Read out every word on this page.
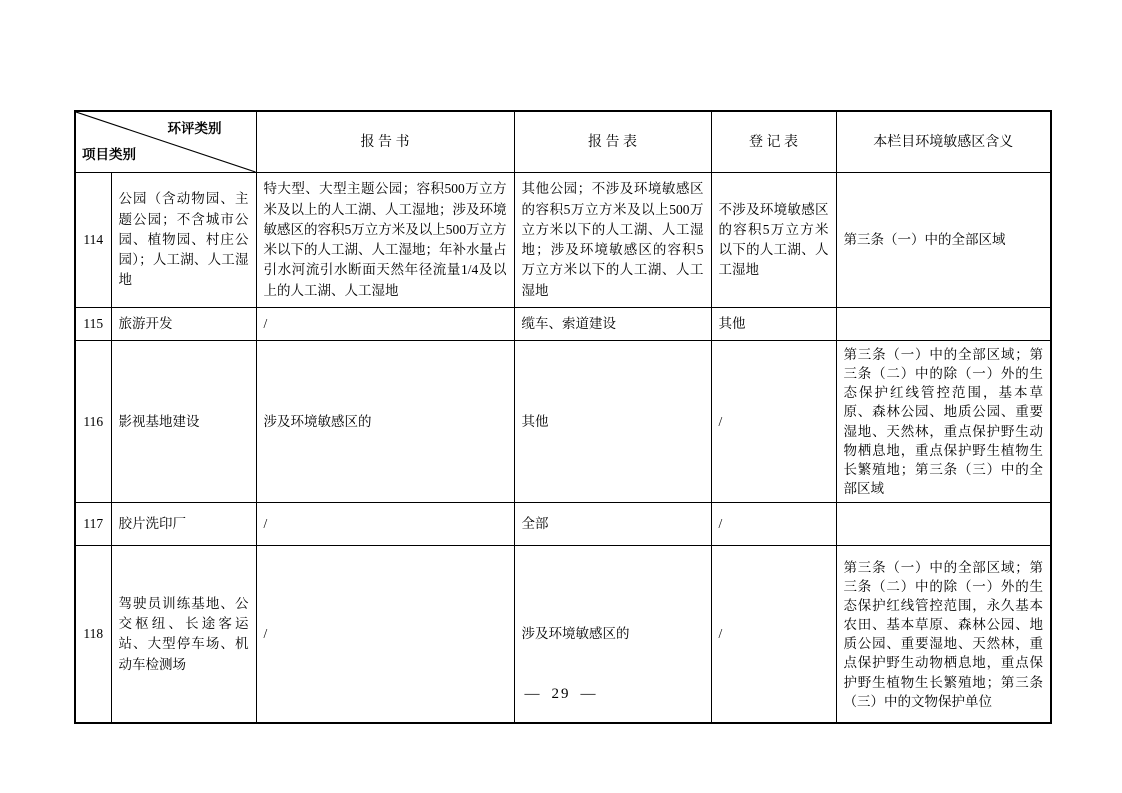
环评类别
项目类别		报 告 书	报 告 表	登 记 表	本栏目环境敏感区含义
114	公园（含动物园、主题公园；不含城市公园、植物园、村庄公园）；人工湖、人工湿地	特大型、大型主题公园；容积500万立方米及以上的人工湖、人工湿地；涉及环境敏感区的容积5万立方米及以上500万立方米以下的人工湖、人工湿地；年补水量占引水河流引水断面天然年径流量1/4及以上的人工湖、人工湿地	其他公园；不涉及环境敏感区的容积5万立方米及以上500万立方米以下的人工湖、人工湿地；涉及环境敏感区的容积5万立方米以下的人工湖、人工湿地	不涉及环境敏感区的容积5万立方米以下的人工湖、人工湿地	第三条（一）中的全部区域
115	旅游开发	/	缆车、索道建设	其他	
116	影视基地建设	涉及环境敏感区的	其他	/	第三条（一）中的全部区域；第三条（二）中的除（一）外的生态保护红线管控范围，基本草原、森林公园、地质公园、重要湿地、天然林，重点保护野生动物栖息地，重点保护野生植物生长繁殖地；第三条（三）中的全部区域
117	胶片洗印厂	/	全部	/	
118	驾驶员训练基地、公交枢纽、长途客运站、大型停车场、机动车检测场	/	涉及环境敏感区的	/	第三条（一）中的全部区域；第三条（二）中的除（一）外的生态保护红线管控范围，永久基本农田、基本草原、森林公园、地质公园、重要湿地、天然林，重点保护野生动物栖息地，重点保护野生植物生长繁殖地；第三条（三）中的文物保护单位
— 29 —
